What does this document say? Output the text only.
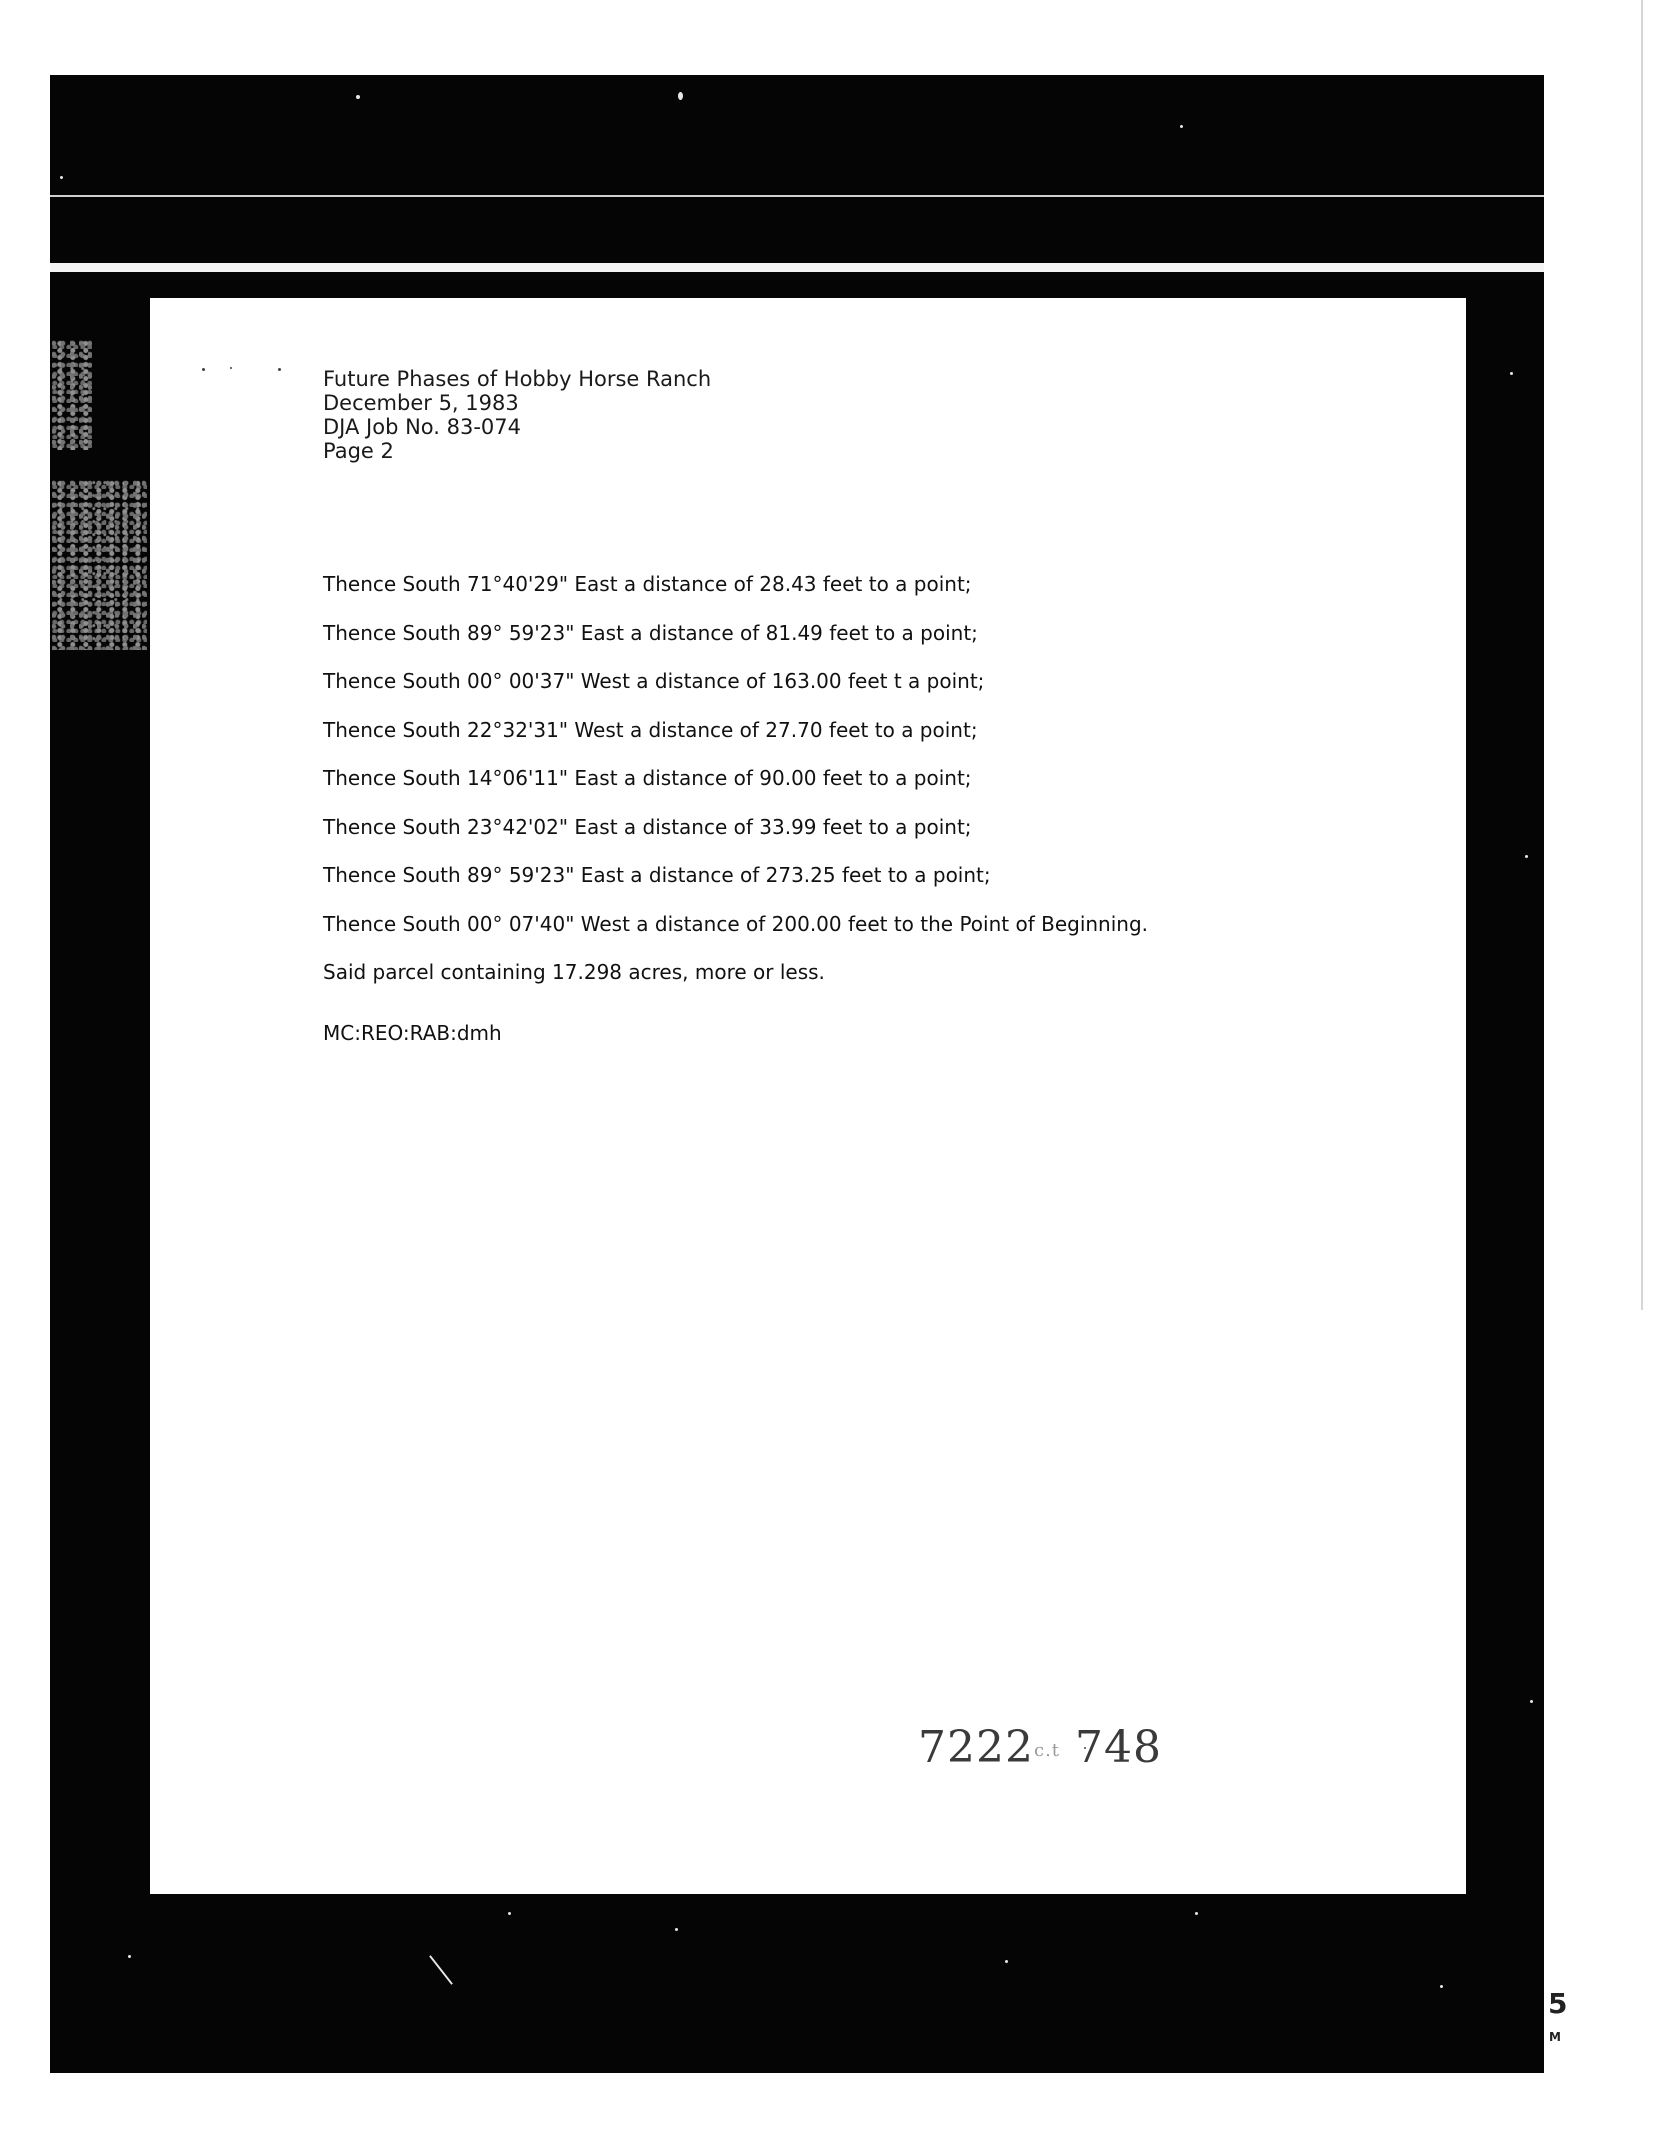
Future Phases of Hobby Horse Ranch
December 5, 1983
DJA Job No. 83-074
Page 2
Thence South 71°40'29" East a distance of 28.43 feet to a point;
Thence South 89° 59'23" East a distance of 81.49 feet to a point;
Thence South 00° 00'37" West a distance of 163.00 feet t a point;
Thence South 22°32'31" West a distance of 27.70 feet to a point;
Thence South 14°06'11" East a distance of 90.00 feet to a point;
Thence South 23°42'02" East a distance of 33.99 feet to a point;
Thence South 89° 59'23" East a distance of 273.25 feet to a point;
Thence South 00° 07'40" West a distance of 200.00 feet to the Point of Beginning.
Said parcel containing 17.298 acres, more or less.
MC:REO:RAB:dmh
7222c.t 748
5
M
